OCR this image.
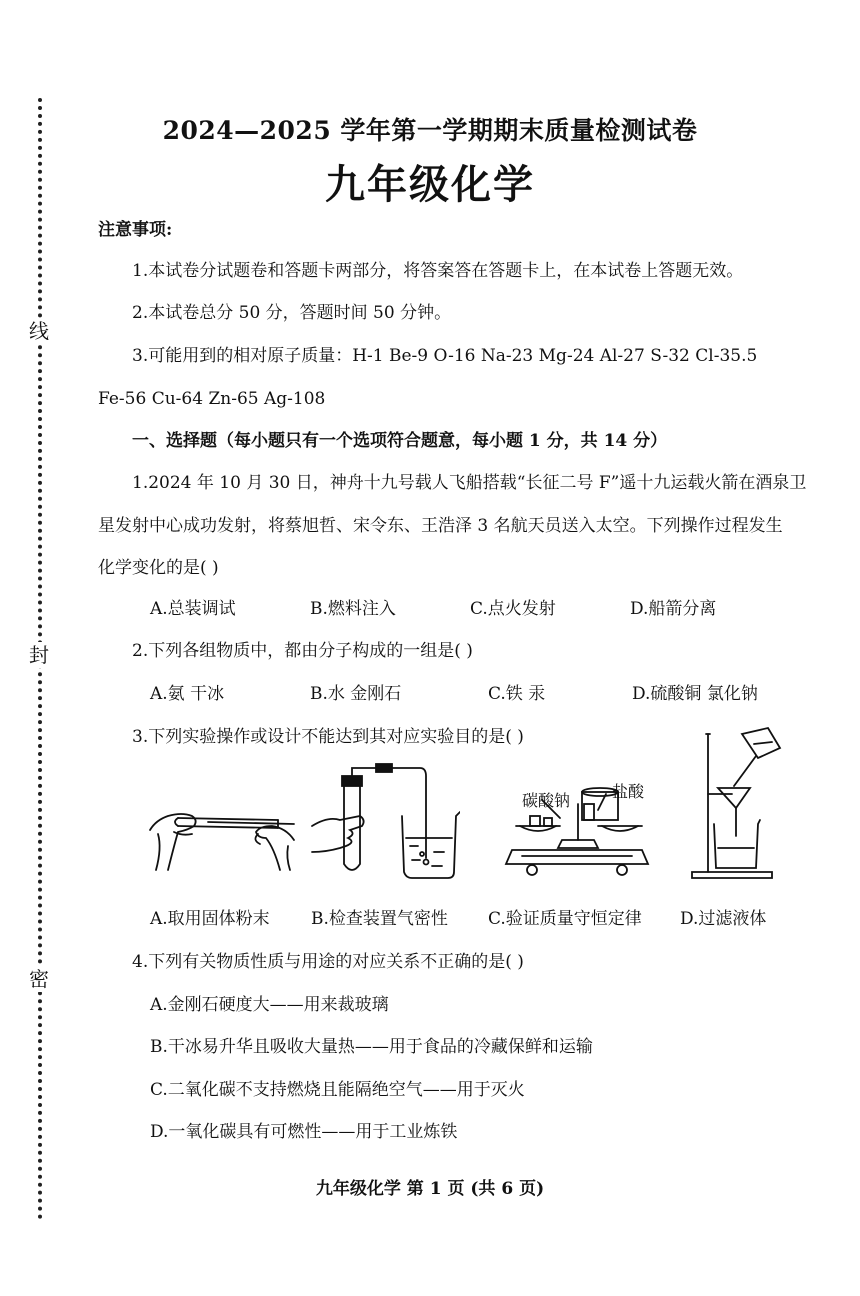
线
封
密
2024—2025 学年第一学期期末质量检测试卷
九年级化学
注意事项:
1.本试卷分试题卷和答题卡两部分，将答案答在答题卡上，在本试卷上答题无效。
2.本试卷总分 50 分，答题时间 50 分钟。
3.可能用到的相对原子质量：H-1 Be-9 O-16 Na-23 Mg-24 Al-27 S-32 Cl-35.5
Fe-56 Cu-64 Zn-65 Ag-108
一、选择题（每小题只有一个选项符合题意，每小题 1 分，共 14 分）
1.2024 年 10 月 30 日，神舟十九号载人飞船搭载“长征二号 F”遥十九运载火箭在酒泉卫
星发射中心成功发射，将蔡旭哲、宋令东、王浩泽 3 名航天员送入太空。下列操作过程发生
化学变化的是( )
A.总装调试	B.燃料注入	C.点火发射	D.船箭分离
2.下列各组物质中，都由分子构成的一组是( )
A.氨 干冰	B.水 金刚石	C.铁 汞	D.硫酸铜 氯化钠
3.下列实验操作或设计不能达到其对应实验目的是( )
碳酸钠	盐酸
A.取用固体粉末 B.检查装置气密性 C.验证质量守恒定律 D.过滤液体
4.下列有关物质性质与用途的对应关系不正确的是( )
A.金刚石硬度大——用来裁玻璃
B.干冰易升华且吸收大量热——用于食品的冷藏保鲜和运输
C.二氧化碳不支持燃烧且能隔绝空气——用于灭火
D.一氧化碳具有可燃性——用于工业炼铁
九年级化学 第 1 页 (共 6 页)
